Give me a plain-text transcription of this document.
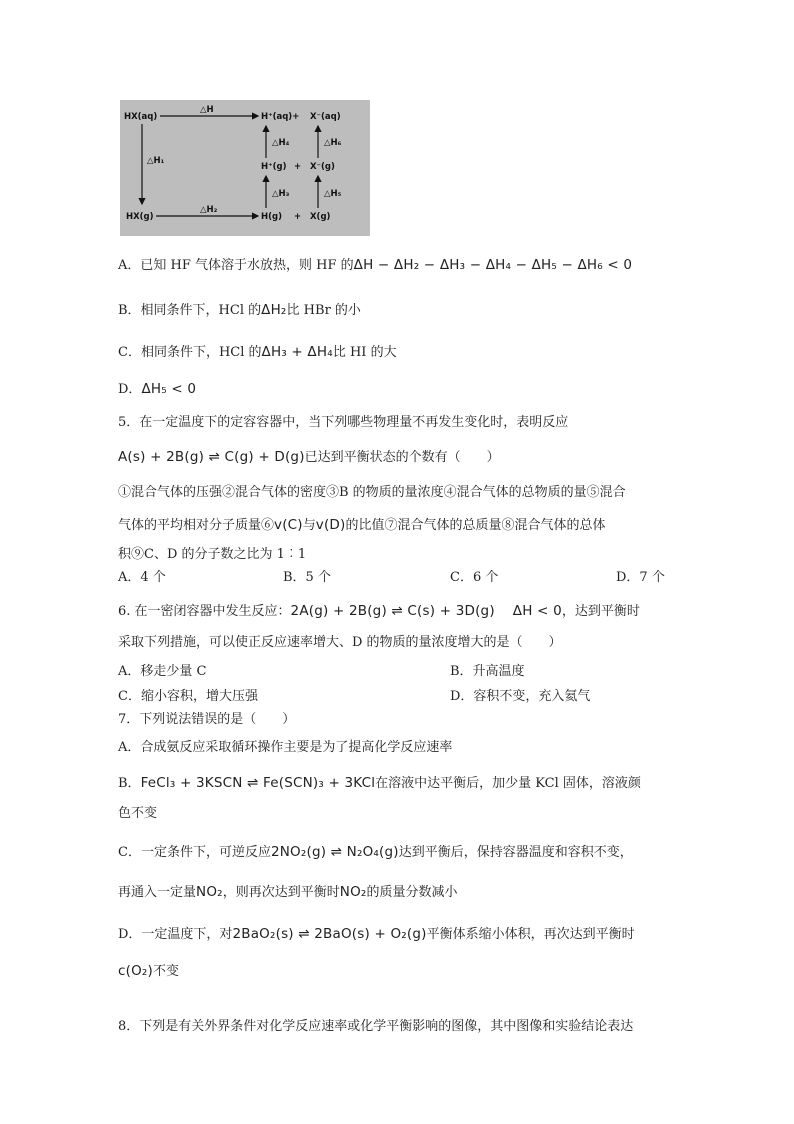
HX(aq)
△H
H⁺(aq)+ X⁻(aq)
△H₁
△H₄	△H₆
H⁺(g) + X⁻(g)
△H₃	△H₅
HX(g)
△H₂
H(g) + X(g)
A．已知 HF 气体溶于水放热，则 HF 的ΔH − ΔH₂ − ΔH₃ − ΔH₄ − ΔH₅ − ΔH₆ < 0
B．相同条件下，HCl 的ΔH₂比 HBr 的小
C．相同条件下，HCl 的ΔH₃ + ΔH₄比 HI 的大
D．ΔH₅ < 0
5．在一定温度下的定容容器中，当下列哪些物理量不再发生变化时，表明反应
A(s) + 2B(g) ⇌ C(g) + D(g)已达到平衡状态的个数有（　　）
①混合气体的压强②混合气体的密度③B 的物质的量浓度④混合气体的总物质的量⑤混合
气体的平均相对分子质量⑥v(C)与v(D)的比值⑦混合气体的总质量⑧混合气体的总体
积⑨C、D 的分子数之比为 1︰1
A．4 个	B．5 个	C．6 个	D．7 个
6. 在一密闭容器中发生反应：2A(g) + 2B(g) ⇌ C(s) + 3D(g) ΔH < 0，达到平衡时
采取下列措施，可以使正反应速率增大、D 的物质的量浓度增大的是（　　）
A．移走少量 C	B．升高温度
C．缩小容积，增大压强	D．容积不变，充入氦气
7．下列说法错误的是（　　）
A．合成氨反应采取循环操作主要是为了提高化学反应速率
B．FeCl₃ + 3KSCN ⇌ Fe(SCN)₃ + 3KCl在溶液中达平衡后，加少量 KCl 固体，溶液颜
色不变
C．一定条件下，可逆反应2NO₂(g) ⇌ N₂O₄(g)达到平衡后，保持容器温度和容积不变，
再通入一定量NO₂，则再次达到平衡时NO₂的质量分数减小
D．一定温度下，对2BaO₂(s) ⇌ 2BaO(s) + O₂(g)平衡体系缩小体积，再次达到平衡时
c(O₂)不变
8．下列是有关外界条件对化学反应速率或化学平衡影响的图像，其中图像和实验结论表达
